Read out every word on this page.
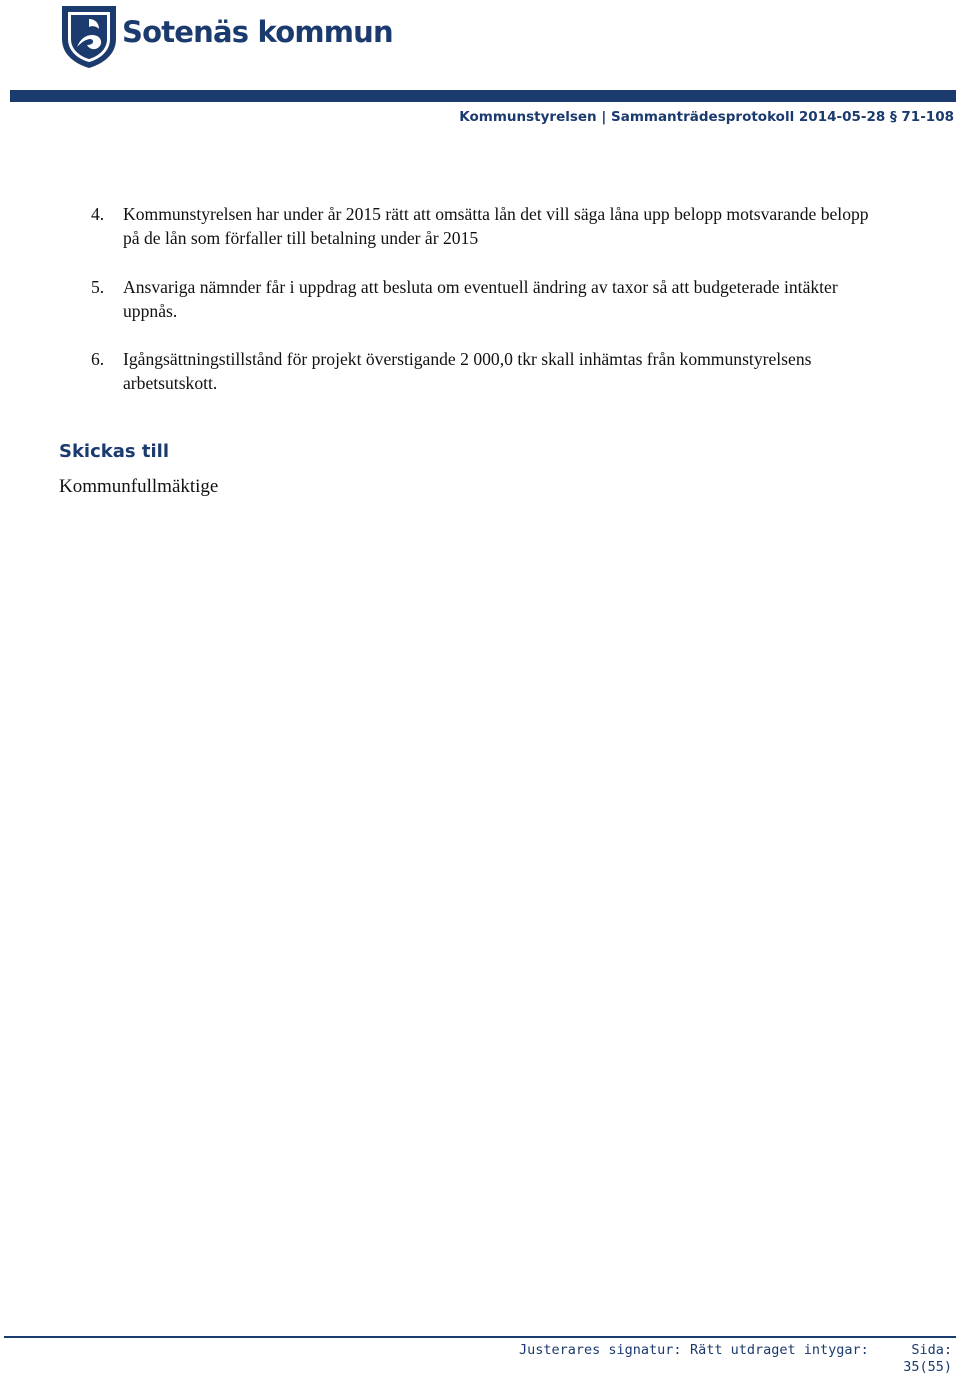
Sotenäs kommun
Kommunstyrelsen | Sammanträdesprotokoll 2014-05-28 § 71-108
4. Kommunstyrelsen har under år 2015 rätt att omsätta lån det vill säga låna upp belopp motsvarande belopp på de lån som förfaller till betalning under år 2015
5. Ansvariga nämnder får i uppdrag att besluta om eventuell ändring av taxor så att budgeterade intäkter uppnås.
6. Igångsättningstillstånd för projekt överstigande 2 000,0 tkr skall inhämtas från kommunstyrelsens arbetsutskott.
Skickas till
Kommunfullmäktige
Justerares signatur: Rätt utdraget intygar:	Sida:
35(55)
